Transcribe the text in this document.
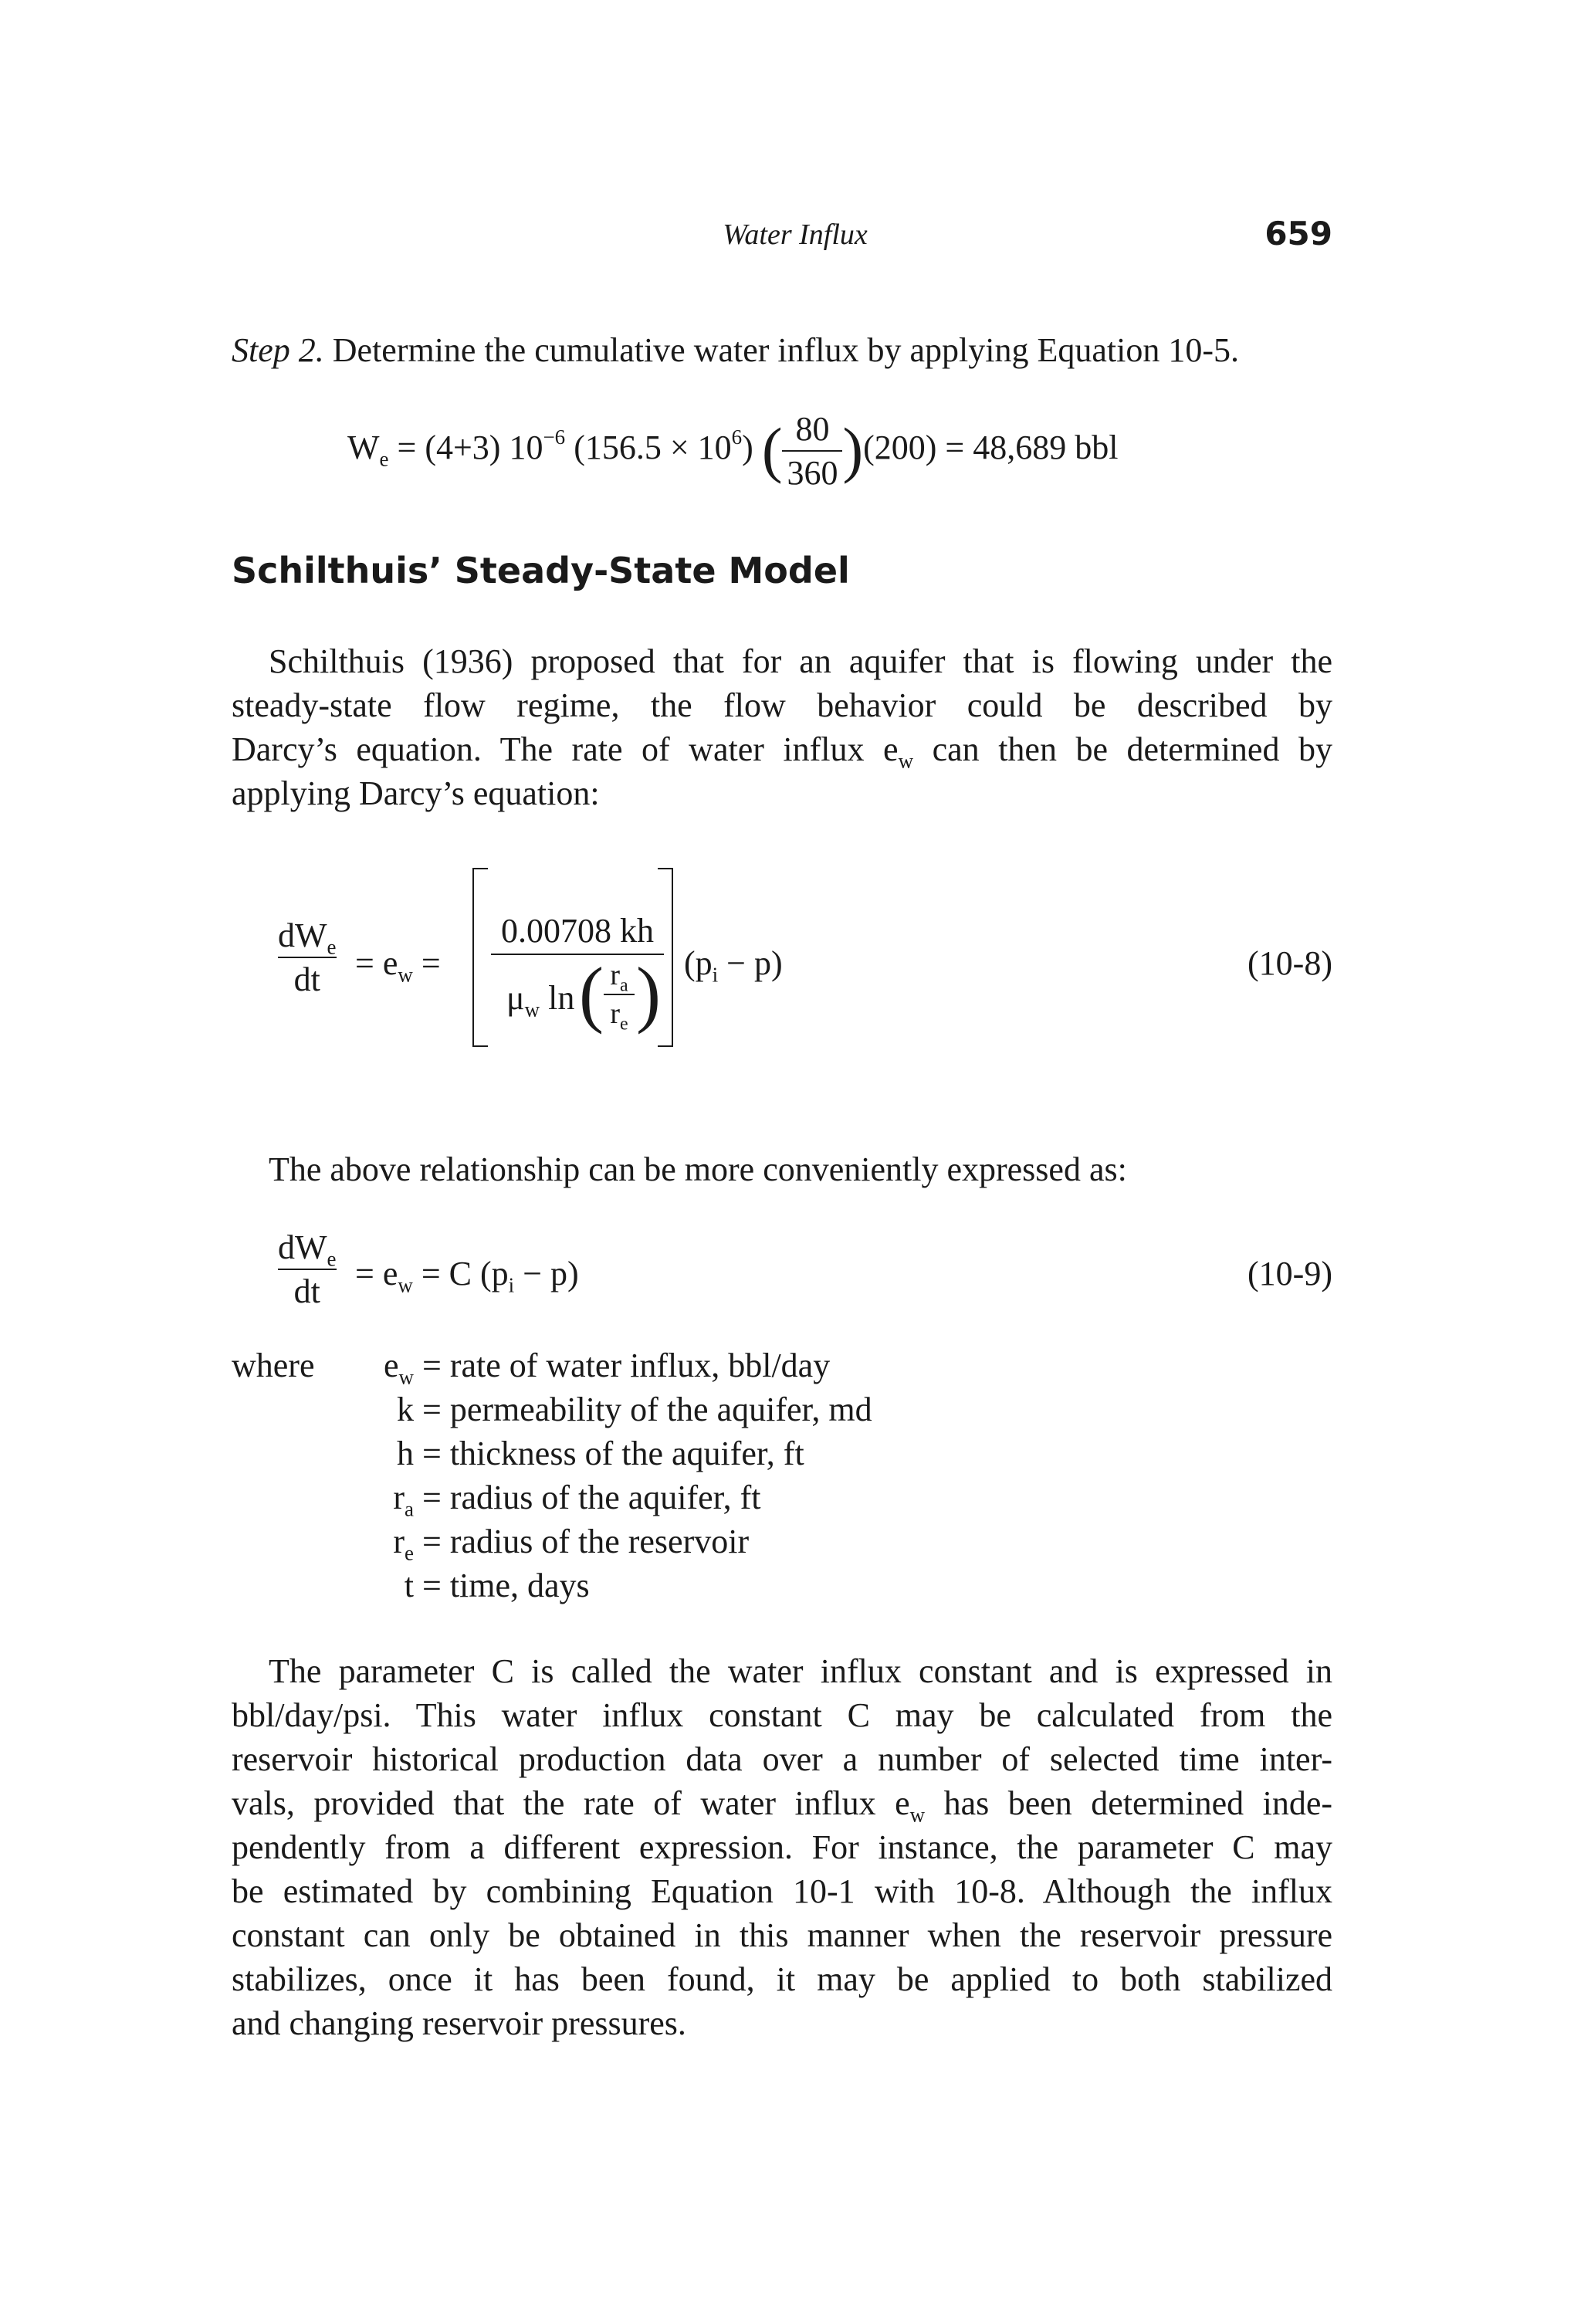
Water Influx	659
Step 2. Determine the cumulative water influx by applying Equation 10-5.
$W_e = (4+3)$ $10^{-6}$ $(156.5 \times 10^6)$ ( $\frac{80}{360} )(200) = 48,689$ bbl
Schilthuis’ Steady-State Model
Schilthuis (1936) proposed that for an aquifer that is flowing under the
steady-state flow regime, the flow behavior could be described by
Darcy’s equation. The rate of water influx $e_w$ can then be determined by
applying Darcy’s equation:
$dW_e$
dt	= $e_w$ =
0.00708 kh
$\mu_w$ ln ( $r_a$
$r_e$ ) $(p_i - p)$	(10-8)
The above relationship can be more conveniently expressed as:
$dW_e$
dt	= $e_w = C$ $(p_i - p)$	(10-9)
where	$e_w$ = rate of water influx, bbl/day
k = permeability of the aquifer, md
h = thickness of the aquifer, ft
$r_a$ = radius of the aquifer, ft
$r_e$ = radius of the reservoir
t = time, days
The parameter C is called the water influx constant and is expressed in
bbl/day/psi. This water influx constant C may be calculated from the
reservoir historical production data over a number of selected time inter-
vals, provided that the rate of water influx $e_w$ has been determined inde-
pendently from a different expression. For instance, the parameter C may
be estimated by combining Equation 10-1 with 10-8. Although the influx
constant can only be obtained in this manner when the reservoir pressure
stabilizes, once it has been found, it may be applied to both stabilized
and changing reservoir pressures.
